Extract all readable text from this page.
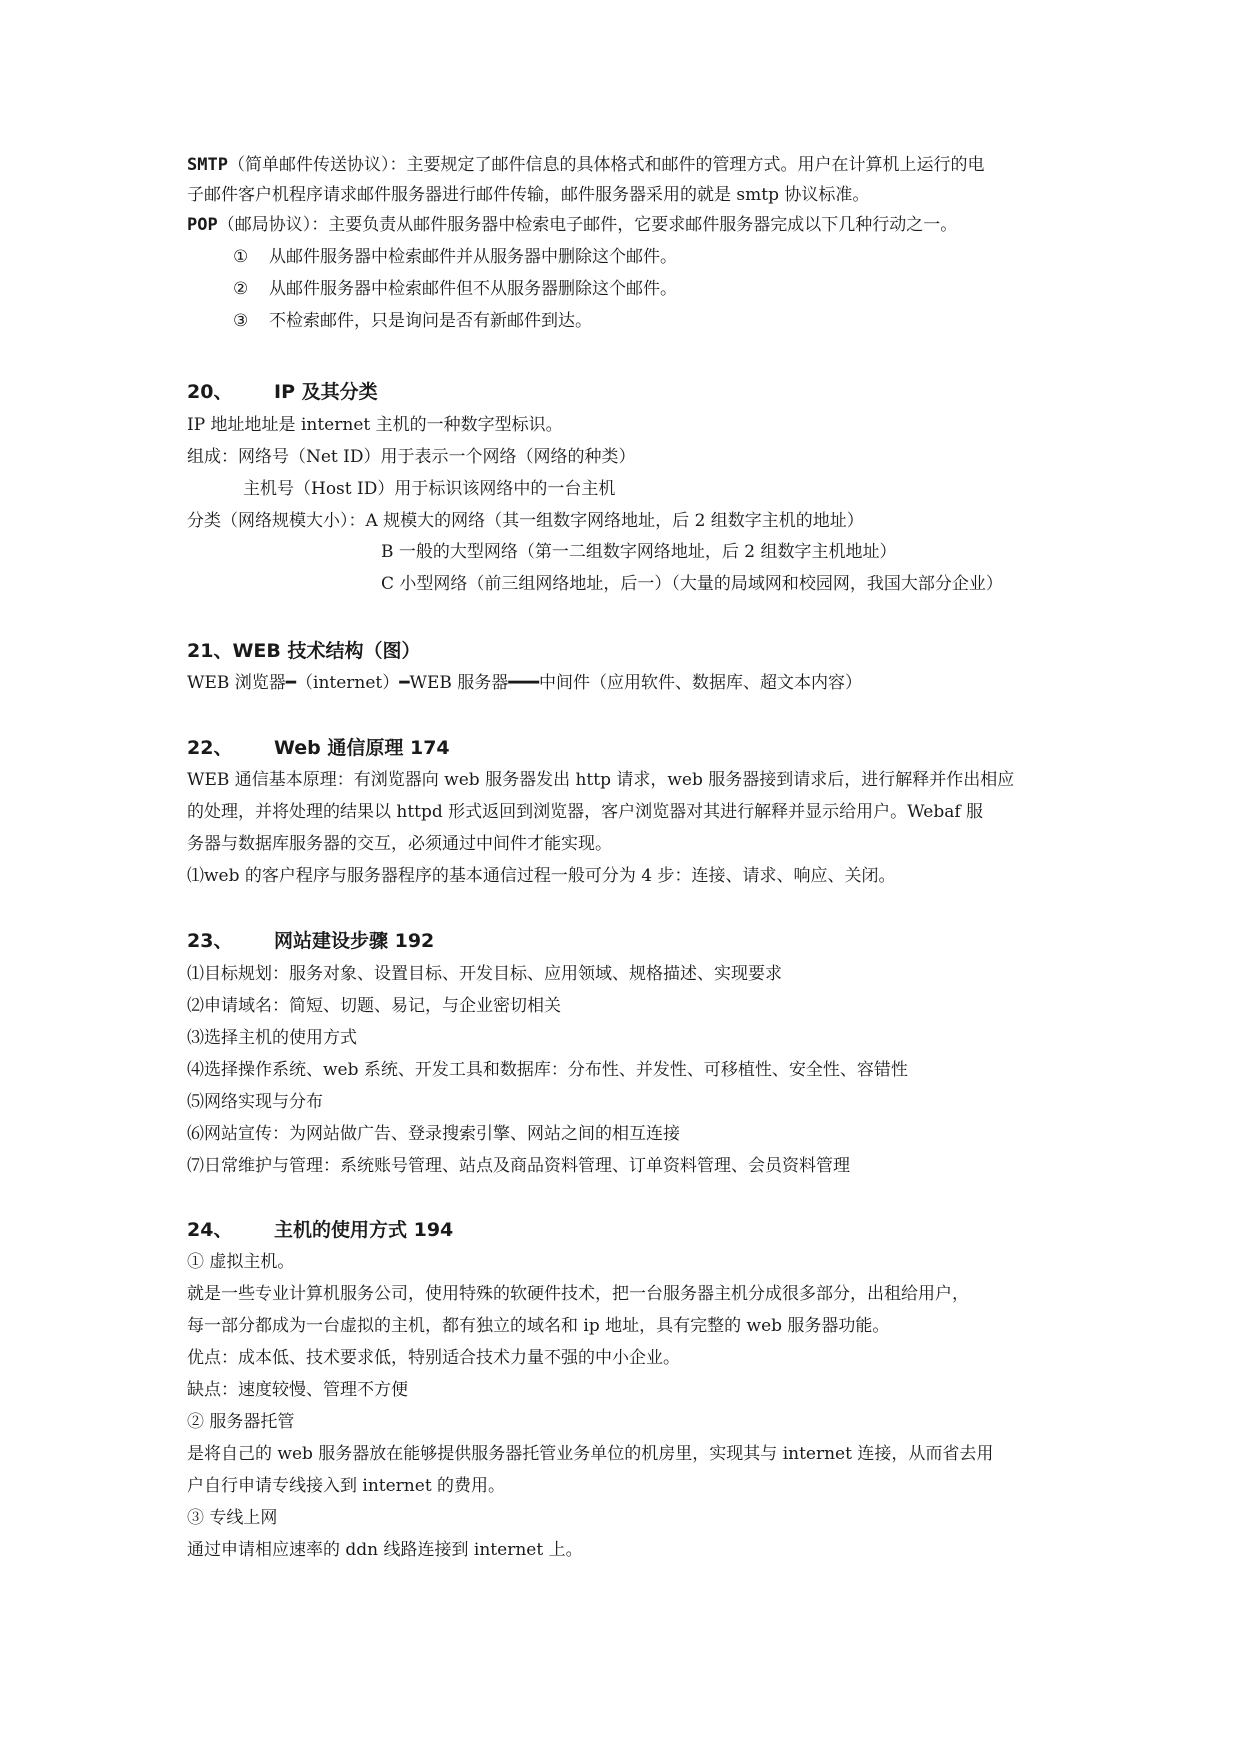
SMTP（简单邮件传送协议）：主要规定了邮件信息的具体格式和邮件的管理方式。用户在计算机上运行的电
子邮件客户机程序请求邮件服务器进行邮件传输，邮件服务器采用的就是 smtp 协议标准。
POP（邮局协议）：主要负责从邮件服务器中检索电子邮件，它要求邮件服务器完成以下几种行动之一。
① 从邮件服务器中检索邮件并从服务器中删除这个邮件。
② 从邮件服务器中检索邮件但不从服务器删除这个邮件。
③ 不检索邮件，只是询问是否有新邮件到达。
20、 IP 及其分类
IP 地址地址是 internet 主机的一种数字型标识。
组成：网络号（Net ID）用于表示一个网络（网络的种类）
主机号（Host ID）用于标识该网络中的一台主机
分类（网络规模大小）：A 规模大的网络（其一组数字网络地址，后 2 组数字主机的地址）
B 一般的大型网络（第一二组数字网络地址，后 2 组数字主机地址）
C 小型网络（前三组网络地址，后一）（大量的局域网和校园网，我国大部分企业）
21、WEB 技术结构（图）
WEB 浏览器━（internet）━WEB 服务器━━━中间件（应用软件、数据库、超文本内容）
22、 Web 通信原理 174
WEB 通信基本原理：有浏览器向 web 服务器发出 http 请求，web 服务器接到请求后，进行解释并作出相应
的处理，并将处理的结果以 httpd 形式返回到浏览器，客户浏览器对其进行解释并显示给用户。Webaf 服
务器与数据库服务器的交互，必须通过中间件才能实现。
⑴web 的客户程序与服务器程序的基本通信过程一般可分为 4 步：连接、请求、响应、关闭。
23、 网站建设步骤 192
⑴目标规划：服务对象、设置目标、开发目标、应用领域、规格描述、实现要求
⑵申请域名：简短、切题、易记，与企业密切相关
⑶选择主机的使用方式
⑷选择操作系统、web 系统、开发工具和数据库：分布性、并发性、可移植性、安全性、容错性
⑸网络实现与分布
⑹网站宣传：为网站做广告、登录搜索引擎、网站之间的相互连接
⑺日常维护与管理：系统账号管理、站点及商品资料管理、订单资料管理、会员资料管理
24、 主机的使用方式 194
① 虚拟主机。
就是一些专业计算机服务公司，使用特殊的软硬件技术，把一台服务器主机分成很多部分，出租给用户，
每一部分都成为一台虚拟的主机，都有独立的域名和 ip 地址，具有完整的 web 服务器功能。
优点：成本低、技术要求低，特别适合技术力量不强的中小企业。
缺点：速度较慢、管理不方便
② 服务器托管
是将自己的 web 服务器放在能够提供服务器托管业务单位的机房里，实现其与 internet 连接，从而省去用
户自行申请专线接入到 internet 的费用。
③ 专线上网
通过申请相应速率的 ddn 线路连接到 internet 上。
